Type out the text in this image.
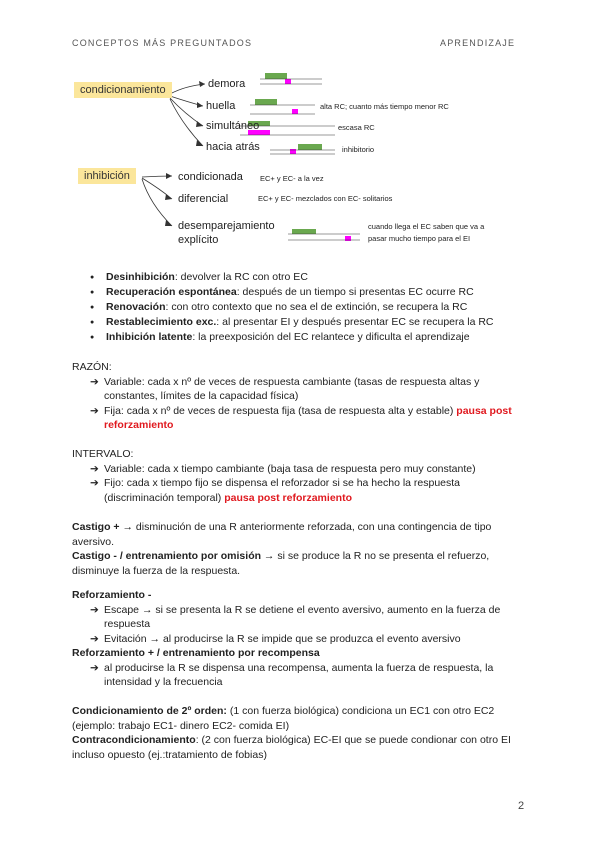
CONCEPTOS MÁS PREGUNTADOS	APRENDIZAJE
condicionamiento
inhibición
demora
huella	alta RC; cuanto más tiempo menor RC
simultáneo	escasa RC
hacia atrás	inhibitorio
condicionada EC+ y EC- a la vez
diferencial	EC+ y EC- mezclados con EC- solitarios
desemparejamiento
explícito
cuando llega el EC saben que va a
pasar mucho tiempo para el EI
● Desinhibición: devolver la RC con otro EC
● Recuperación espontánea: después de un tiempo si presentas EC ocurre RC
● Renovación: con otro contexto que no sea el de extinción, se recupera la RC
● Restablecimiento exc.: al presentar EI y después presentar EC se recupera la RC
● Inhibición latente: la preexposición del EC relantece y dificulta el aprendizaje
RAZÓN:
➔ Variable: cada x nº de veces de respuesta cambiante (tasas de respuesta altas y constantes, límites de la capacidad física)
➔ Fija: cada x nº de veces de respuesta fija (tasa de respuesta alta y estable) pausa post reforzamiento
INTERVALO:
➔ Variable: cada x tiempo cambiante (baja tasa de respuesta pero muy constante)
➔ Fijo: cada x tiempo fijo se dispensa el reforzador si se ha hecho la respuesta (discriminación temporal) pausa post reforzamiento
Castigo + → disminución de una R anteriormente reforzada, con una contingencia de tipo aversivo.
Castigo - / entrenamiento por omisión → si se produce la R no se presenta el refuerzo, disminuye la fuerza de la respuesta.
Reforzamiento -
➔ Escape → si se presenta la R se detiene el evento aversivo, aumento en la fuerza de respuesta
➔ Evitación → al producirse la R se impide que se produzca el evento aversivo
Reforzamiento + / entrenamiento por recompensa
➔ al producirse la R se dispensa una recompensa, aumenta la fuerza de respuesta, la intensidad y la frecuencia
Condicionamiento de 2º orden: (1 con fuerza biológica) condiciona un EC1 con otro EC2 (ejemplo: trabajo EC1- dinero EC2- comida EI)
Contracondicionamiento: (2 con fuerza biológica) EC-EI que se puede condionar con otro EI incluso opuesto (ej.:tratamiento de fobias)
2
